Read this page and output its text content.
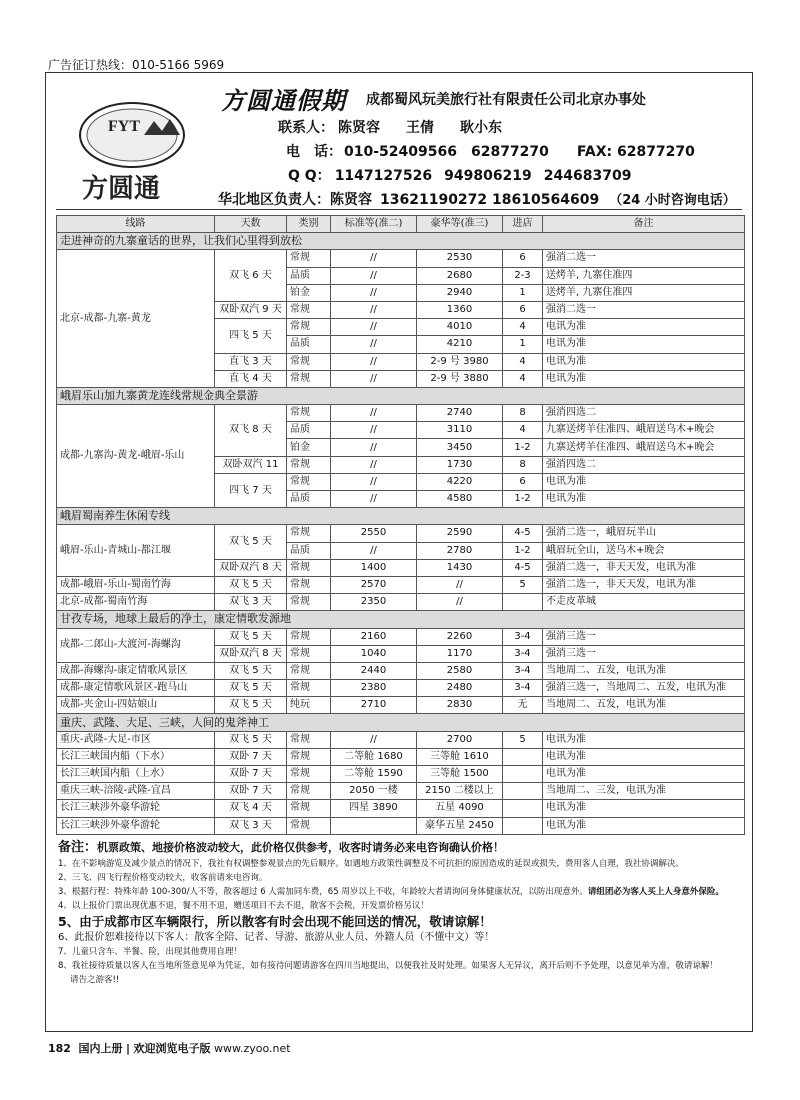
广告征订热线：010-5166 5969
FYT
方圆通
方圆通假期 成都蜀风玩美旅行社有限责任公司北京办事处
联系人： 陈贤容 王倩 耿小东
电　话： 010-52409566 62877270 FAX: 62877270
Q Q： 1147127526 949806219 244683709
华北地区负责人：陈贤容 13621190272 18610564609 （24 小时咨询电话）
线路	天数	类别	标准等(准二)	豪华等(准三)	进店	备注
走进神奇的九寨童话的世界，让我们心里得到放松						
北京-成都-九寨-黄龙	双飞 6 天	常规	//	2530	6	强消二选一
		品质	//	2680	2-3	送烤羊, 九寨住准四
		铂金	//	2940	1	送烤羊, 九寨住准四
	双卧双汽 9 天	常规	//	1360	6	强消二选一
	四飞 5 天	常规	//	4010	4	电讯为准
		品质	//	4210	1	电讯为准
	直飞 3 天	常规	//	2-9 号 3980	4	电讯为准
	直飞 4 天	常规	//	2-9 号 3880	4	电讯为准
峨眉乐山加九寨黄龙连线常规金典全景游						
成都-九寨沟-黄龙-峨眉-乐山	双飞 8 天	常规	//	2740	8	强消四选二
		品质	//	3110	4	九寨送烤羊住准四、峨眉送乌木+晚会
		铂金	//	3450	1-2	九寨送烤羊住准四、峨眉送乌木+晚会
	双卧双汽 11	常规	//	1730	8	强消四选二
	四飞 7 天	常规	//	4220	6	电讯为准
		品质	//	4580	1-2	电讯为准
峨眉蜀南养生休闲专线						
峨眉-乐山-青城山-都江堰	双飞 5 天	常规	2550	2590	4-5	强消二选一，峨眉玩半山
		品质	//	2780	1-2	峨眉玩全山，送乌木+晚会
	双卧双汽 8 天	常规	1400	1430	4-5	强消二选一，非天天发，电讯为准
成都-峨眉-乐山-蜀南竹海	双飞 5 天	常规	2570	//	5	强消二选一，非天天发，电讯为准
北京-成都-蜀南竹海	双飞 3 天	常规	2350	//		不走皮革城
甘孜专场，地球上最后的净土，康定情歌发源地						
成都-二郎山-大渡河-海螺沟	双飞 5 天	常规	2160	2260	3-4	强消三选一
	双卧双汽 8 天	常规	1040	1170	3-4	强消三选一
成都-海螺沟-康定情歌风景区	双飞 5 天	常规	2440	2580	3-4	当地周二、五发，电讯为准
成都-康定情歌风景区-跑马山	双飞 5 天	常规	2380	2480	3-4	强消三选一，当地周二、五发，电讯为准
成都-夹金山-四姑娘山	双飞 5 天	纯玩	2710	2830	无	当地周二、五发，电讯为准
重庆、武隆、大足、三峡，人间的鬼斧神工						
重庆-武隆-大足-市区	双飞 5 天	常规	//	2700	5	电讯为准
长江三峡国内船（下水）	双卧 7 天	常规	二等舱 1680	三等舱 1610		电讯为准
长江三峡国内船（上水）	双卧 7 天	常规	二等舱 1590	三等舱 1500		电讯为准
重庆三峡-涪陵-武隆-宜昌	双卧 7 天	常规	2050 一楼	2150 二楼以上		当地周二、三发，电讯为准
长江三峡涉外豪华游轮	双飞 4 天	常规	四星 3890	五星 4090		电讯为准
长江三峡涉外豪华游轮	双飞 3 天	常规		豪华五星 2450		电讯为准
备注：机票政策、地接价格波动较大，此价格仅供参考，收客时请务必来电咨询确认价格！
1、在不影响游览及减少景点的情况下，我社有权调整参观景点的先后顺序。如遇地方政策性调整及不可抗拒的原因造成的延误或损失，费用客人自理，我社协调解决。
2、三飞、四飞行程价格变动较大，收客前请来电咨询。
3、根据行程：特殊年龄 100-300/人不等，散客超过 6 人需加同车费，65 周岁以上不收，年龄较大者请询问身体健康状况，以防出现意外。请组团必为客人买上人身意外保险。
4、以上报价门票出现优惠不退，餐不用不退，赠送项目不去不退，散客不会税，开发票价格另议！
5、由于成都市区车辆限行，所以散客有时会出现不能回送的情况，敬请谅解！
6、此报价恕难接待以下客人：散客全陪、记者、导游、旅游从业人员、外籍人员（不懂中文）等！
7、儿童只含车、半餐、险，出现其他费用自理！
8、我社接待质量以客人在当地所签意见单为凭证，如有接待问题请游客在四川当地提出，以便我社及时处理。如果客人无异议，离开后则不予处理，以意见单为准，敬请谅解！
请告之游客!!
182 国内上册 | 欢迎浏览电子版 www.zyoo.net
